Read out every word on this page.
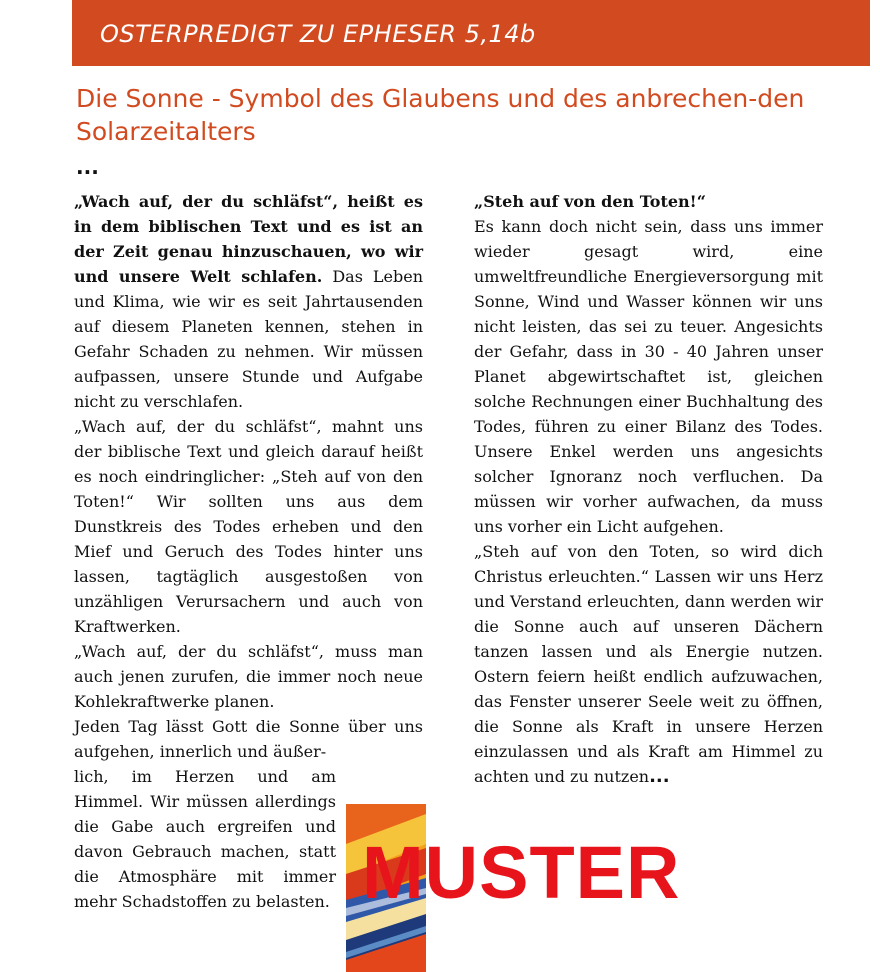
OSTERPREDIGT ZU EPHESER 5,14b
Die Sonne - Symbol des Glaubens und des anbrechen-den Solarzeitalters
...

„Wach auf, der du schläfst“, heißt es in dem biblischen Text und es ist an der Zeit genau hinzuschauen, wo wir und unsere Welt schlafen. Das Leben und Klima, wie wir es seit Jahrtausenden auf diesem Planeten kennen, stehen in Gefahr Schaden zu nehmen. Wir müssen aufpassen, unsere Stunde und Aufgabe nicht zu verschlafen.

„Wach auf, der du schläfst“, mahnt uns der biblische Text und gleich darauf heißt es noch eindringlicher: „Steh auf von den Toten!“ Wir sollten uns aus dem Dunstkreis des Todes erheben und den Mief und Geruch des Todes hinter uns lassen, tagtäglich ausgestoßen von unzähligen Verursachern und auch von Kraftwerken.

„Wach auf, der du schläfst“, muss man auch jenen zurufen, die immer noch neue Kohlekraftwerke planen.

Jeden Tag lässt Gott die Sonne über uns aufgehen, innerlich und äußer-

lich, im Herzen und am Himmel. Wir müssen allerdings die Gabe auch ergreifen und davon Gebrauch machen, statt die Atmosphäre mit immer mehr Schadstoffen zu belasten.

„Steh auf von den Toten!“

Es kann doch nicht sein, dass uns immer wieder gesagt wird, eine umweltfreundliche Energieversorgung mit Sonne, Wind und Wasser können wir uns nicht leisten, das sei zu teuer. Angesichts der Gefahr, dass in 30 - 40 Jahren unser Planet abgewirtschaftet ist, gleichen solche Rechnungen einer Buchhaltung des Todes, führen zu einer Bilanz des Todes. Unsere Enkel werden uns angesichts solcher Ignoranz noch verfluchen. Da müssen wir vorher aufwachen, da muss uns vorher ein Licht aufgehen.

„Steh auf von den Toten, so wird dich Christus erleuchten.“ Lassen wir uns Herz und Verstand erleuchten, dann werden wir die Sonne auch auf unseren Dächern tanzen lassen und als Energie nutzen. Ostern feiern heißt endlich aufzuwachen, das Fenster unserer Seele weit zu öffnen, die Sonne als Kraft in unsere Herzen einzulassen und als Kraft am Himmel zu achten und zu nutzen...

MUSTER
